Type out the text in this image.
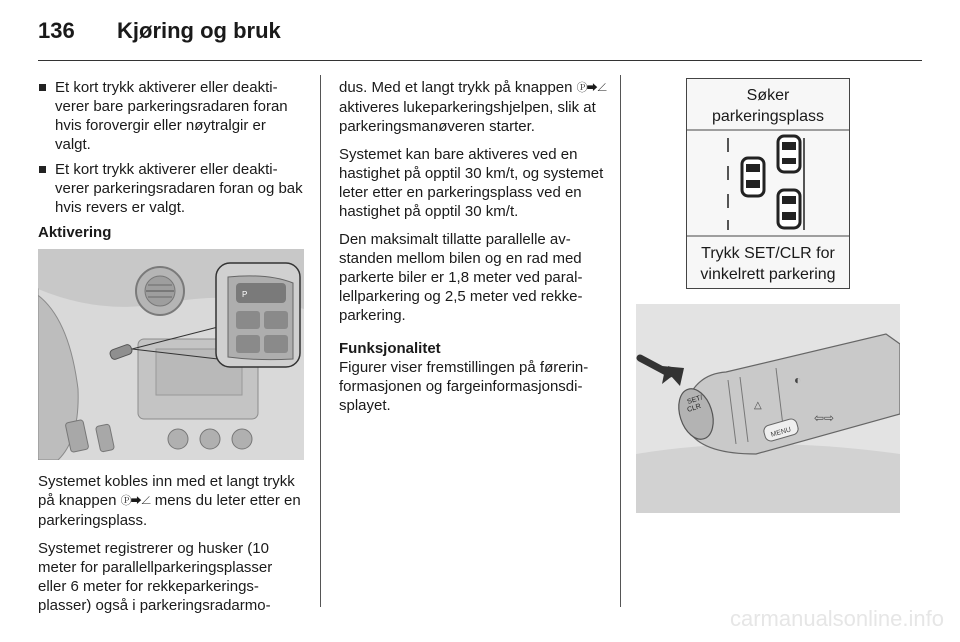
136 Kjøring og bruk
Et kort trykk aktiverer eller deaktiverer bare parkeringsradaren foran hvis forovergir eller nøytralgir er valgt.
Et kort trykk aktiverer eller deaktiverer parkeringsradaren foran og bak hvis revers er valgt.

Aktivering

P

Systemet kobles inn med et langt trykk på knappen Ⓟ⮕∠ mens du leter etter en parkeringsplass.

Systemet registrerer og husker (10 meter for parallellparkeringsplasser eller 6 meter for rekkeparkeringsplasser) også i parkeringsradarmo-

dus. Med et langt trykk på knappen Ⓟ⮕∠ aktiveres lukeparkeringshjelpen, slik at parkeringsmanøveren starter.

Systemet kan bare aktiveres ved en hastighet på opptil 30 km/t, og systemet leter etter en parkeringsplass ved en hastighet på opptil 30 km/t.

Den maksimalt tillatte parallelle avstanden mellom bilen og en rad med parkerte biler er 1,8 meter ved parallellparkering og 2,5 meter ved rekkeparkering.

Funksjonalitet

Figurer viser fremstillingen på førerinformasjonen og fargeinformasjonsdisplayet.

Søker
parkeringsplass
Trykk SET/CLR for
vinkelrett parkering
SET/
CLR
MENU
△
⇦⇨
◐
carmanualsonline.info
